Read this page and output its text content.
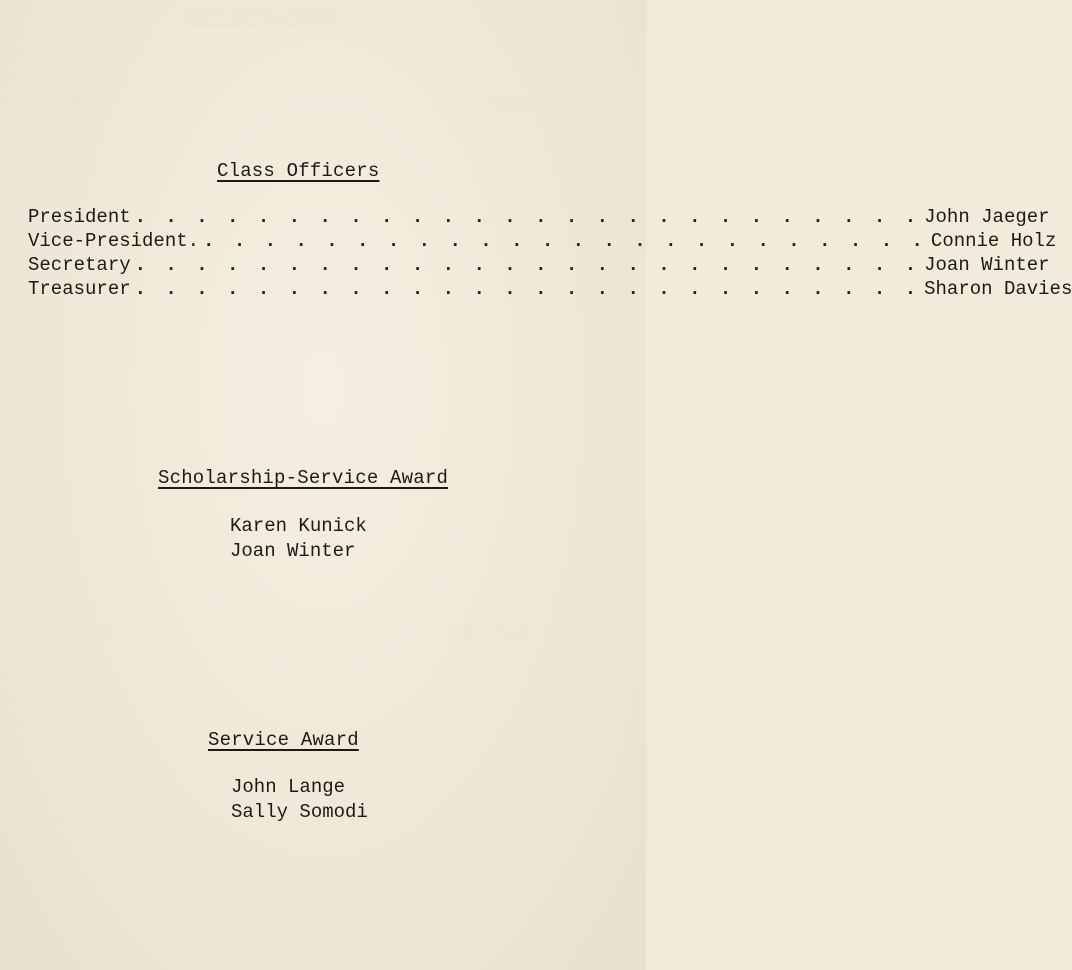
░░░░░░░░░░░░░░░
░░░░░	░░░░░░
░░░░░	░░░░░░░░
Class Officers
President . . . . . . . . . . . . . . . . . . . . . . . . . . John Jaeger
Vice-President. . . . . . . . . . . . . . . . . . . . . . . . . Connie Holz
Secretary . . . . . . . . . . . . . . . . . . . . . . . . . . Joan Winter
Treasurer . . . . . . . . . . . . . . . . . . . . . . . . . . Sharon Davies
Scholarship-Service Award
Karen Kunick
Joan Winter
Service Award
John Lange
Sally Somodi
